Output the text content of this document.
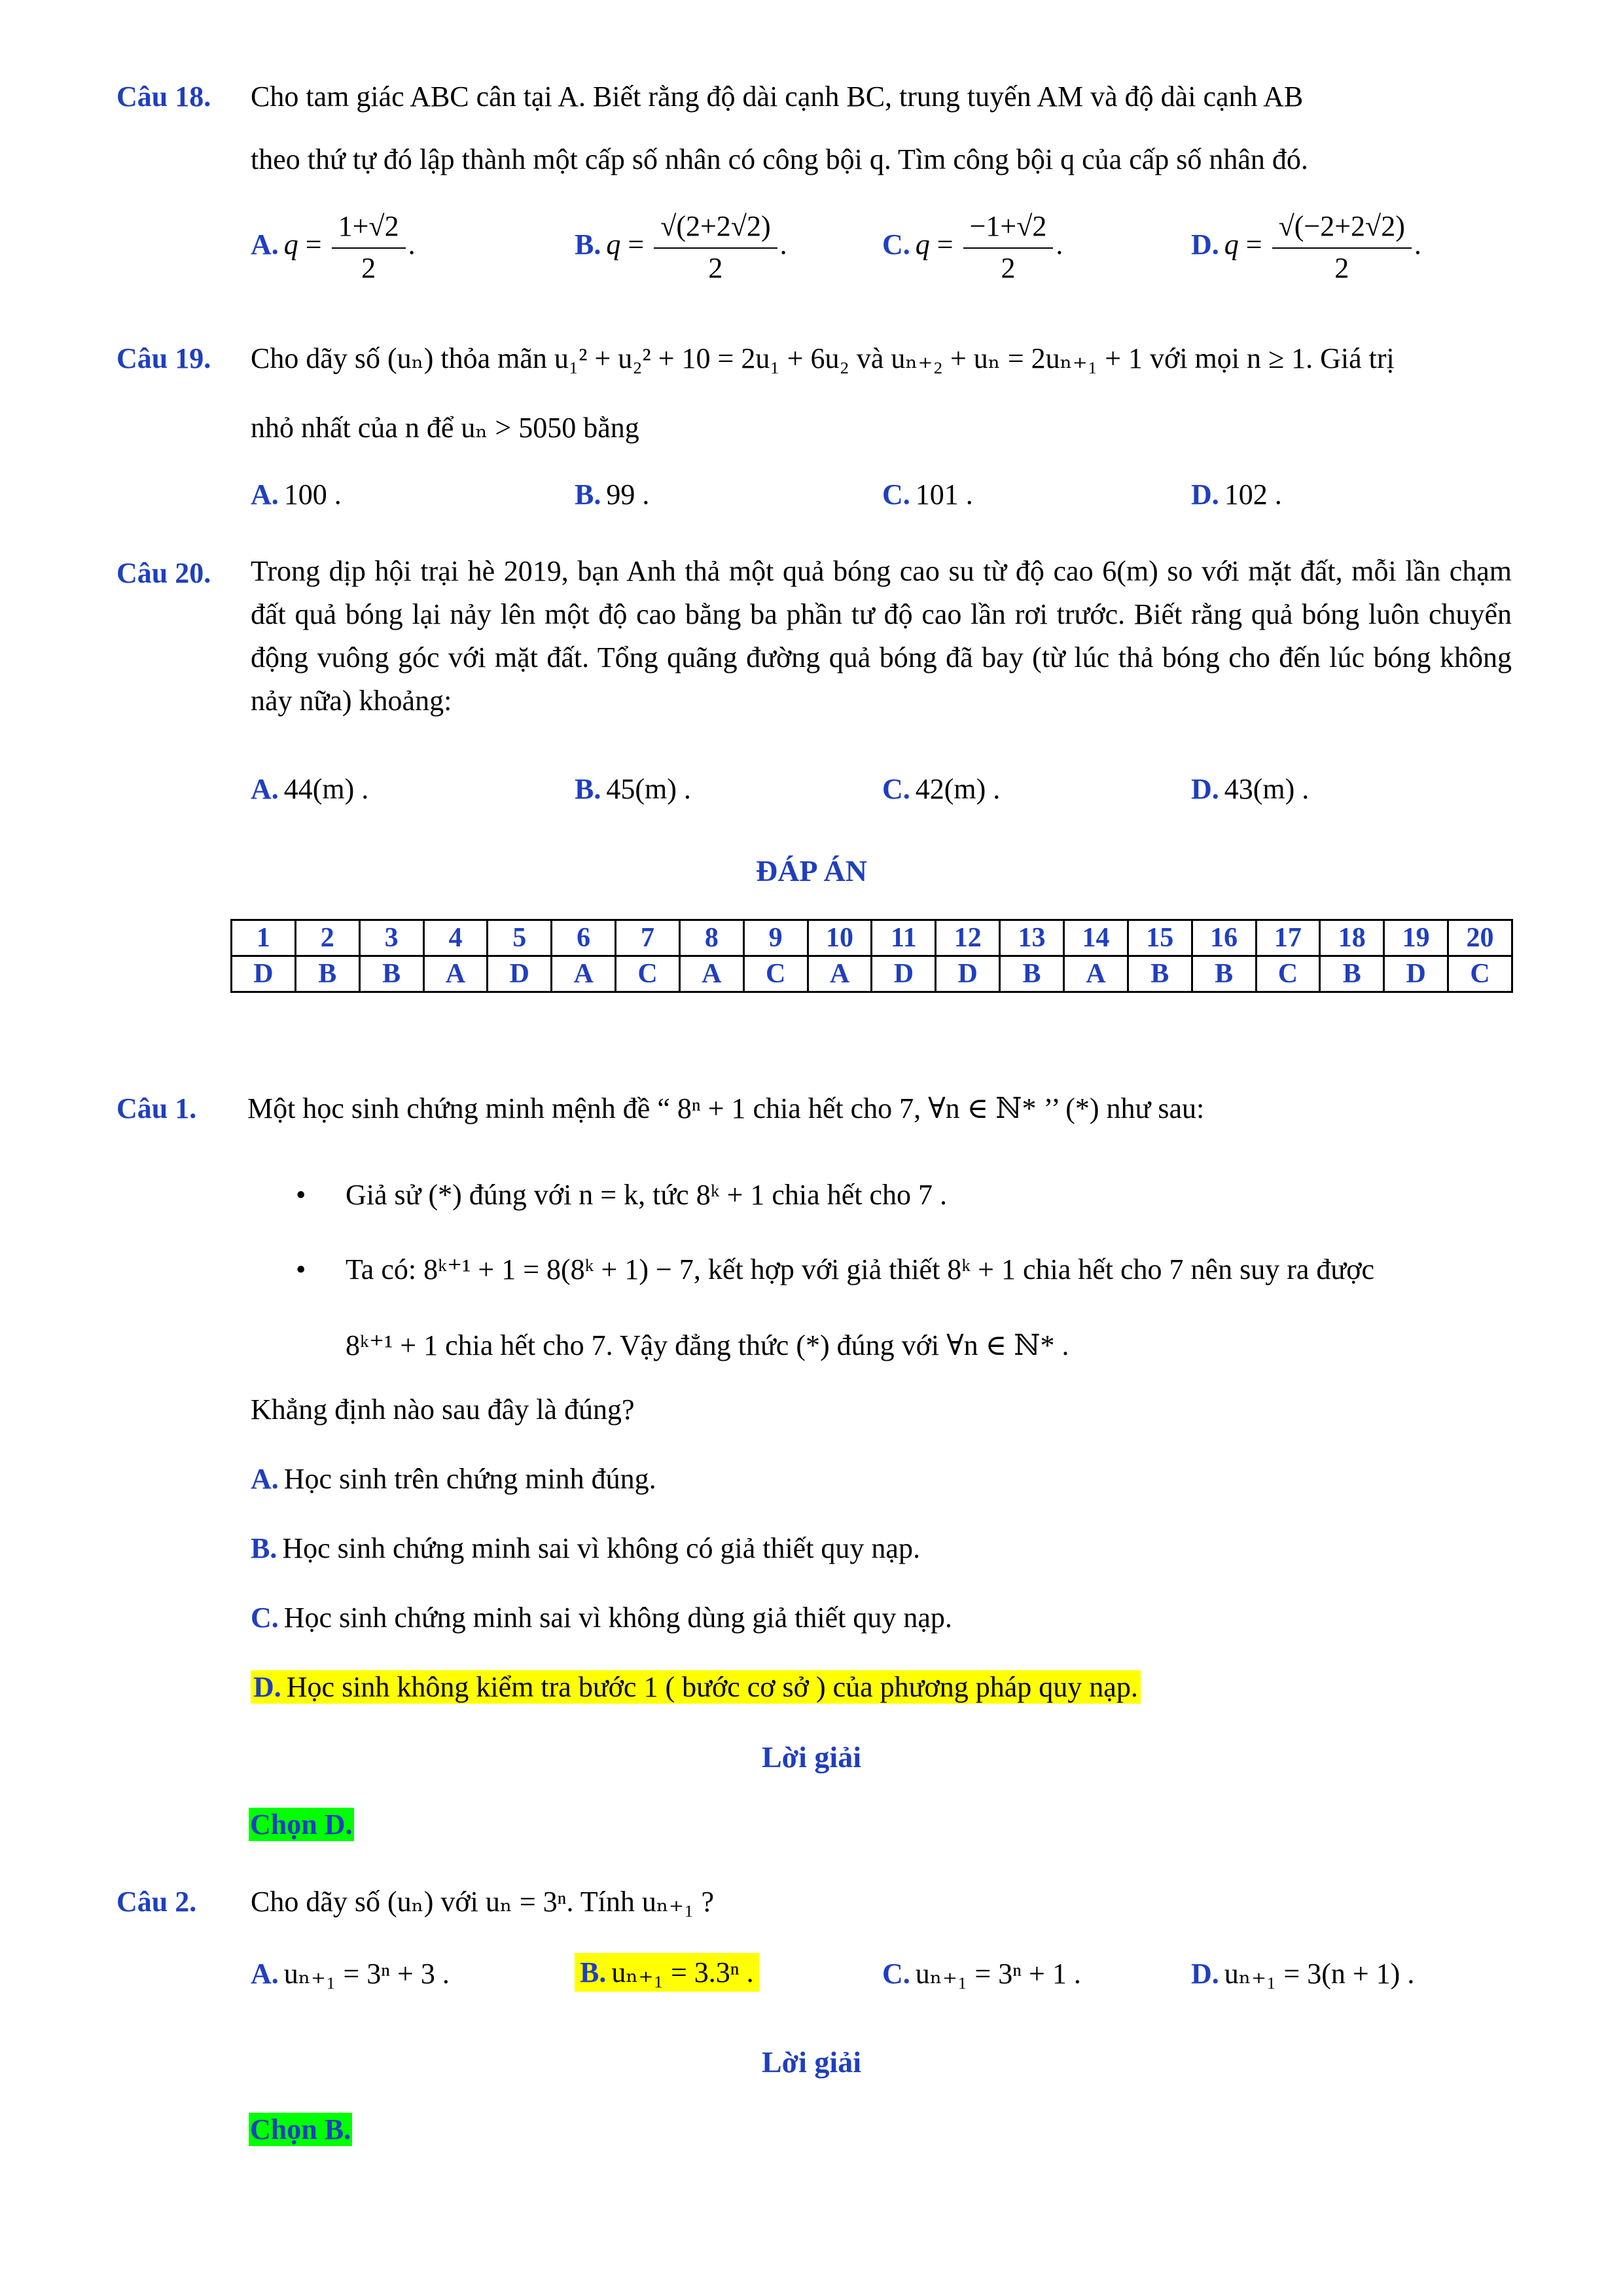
Câu 18. Cho tam giác ABC cân tại A. Biết rằng độ dài cạnh BC, trung tuyến AM và độ dài cạnh AB
theo thứ tự đó lập thành một cấp số nhân có công bội q. Tìm công bội q của cấp số nhân đó.
A. $q = \frac{1+√2}{2}$ .	B. $q = \frac{√(2+2√2)}{2}$ .	C. $q = \frac{-1+√2}{2}$ .	D. $q = \frac{√(-2+2√2)}{2}$ .
Câu 19. Cho dãy số (uₙ) thỏa mãn u₁² + u₂² + 10 = 2u₁ + 6u₂ và uₙ₊₂ + uₙ = 2uₙ₊₁ + 1 với mọi n ≥ 1. Giá trị
nhỏ nhất của n để uₙ > 5050 bằng
A. 100 .	B. 99 .	C. 101 .	D. 102 .
Câu 20. Trong dịp hội trại hè 2019, bạn Anh thả một quả bóng cao su từ độ cao 6(m) so với mặt đất, mỗi lần chạm đất quả bóng lại nảy lên một độ cao bằng ba phần tư độ cao lần rơi trước. Biết rằng quả bóng luôn chuyển động vuông góc với mặt đất. Tổng quãng đường quả bóng đã bay (từ lúc thả bóng cho đến lúc bóng không nảy nữa) khoảng:
A. 44(m) .	B. 45(m) .	C. 42(m) .	D. 43(m) .
ĐÁP ÁN
1	2	3	4	5	6	7	8	9	10	11	12	13	14	15	16	17	18	19	20
D	B	B	A	D	A	C	A	C	A	D	D	B	A	B	B	C	B	D	C
Câu 1. Một học sinh chứng minh mệnh đề “ 8ⁿ + 1 chia hết cho 7, ∀n ∈ ℕ* ’’ (*) như sau:
• Giả sử (*) đúng với n = k, tức 8ᵏ + 1 chia hết cho 7 .
• Ta có: 8ᵏ⁺¹ + 1 = 8(8ᵏ + 1) − 7, kết hợp với giả thiết 8ᵏ + 1 chia hết cho 7 nên suy ra được
8ᵏ⁺¹ + 1 chia hết cho 7. Vậy đẳng thức (*) đúng với ∀n ∈ ℕ* .
Khẳng định nào sau đây là đúng?
A. Học sinh trên chứng minh đúng.
B. Học sinh chứng minh sai vì không có giả thiết quy nạp.
C. Học sinh chứng minh sai vì không dùng giả thiết quy nạp.
D. Học sinh không kiểm tra bước 1 ( bước cơ sở ) của phương pháp quy nạp.
Lời giải
Chọn D.
Câu 2. Cho dãy số (uₙ) với uₙ = 3ⁿ. Tính uₙ₊₁ ?
A. uₙ₊₁ = 3ⁿ + 3 .	B. uₙ₊₁ = 3.3ⁿ .	C. uₙ₊₁ = 3ⁿ + 1 .	D. uₙ₊₁ = 3(n + 1) .
Lời giải
Chọn B.
